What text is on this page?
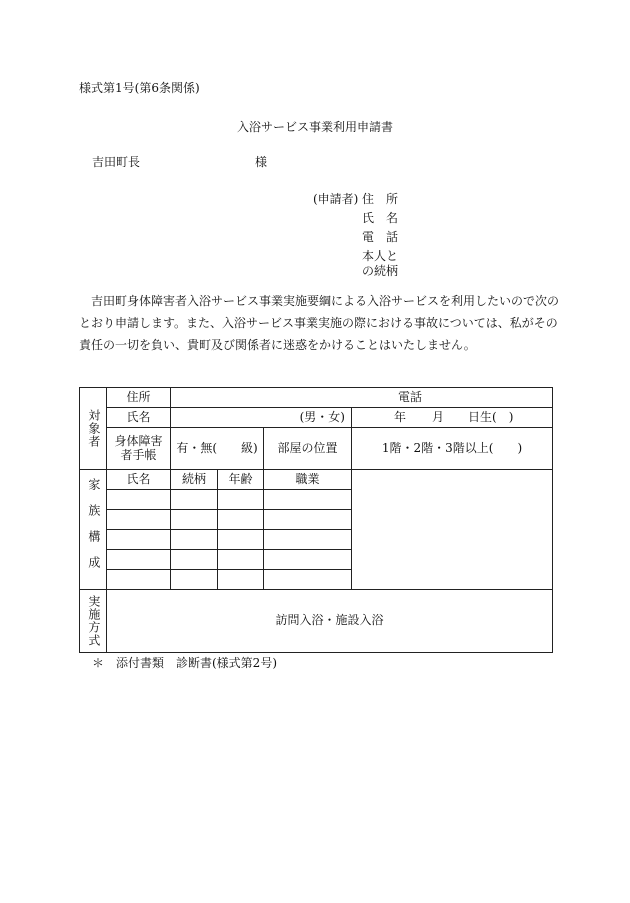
様式第1号(第6条関係)
入浴サービス事業利用申請書
吉田町長	様
(申請者) 住　所
氏　名
電　話
本人と
の続柄
吉田町身体障害者入浴サービス事業実施要綱による入浴サービスを利用したいので次の
とおり申請します。また、入浴サービス事業実施の際における事故については、私がその
責任の一切を負い、貴町及び関係者に迷惑をかけることはいたしません。
対象者	住所	電話			
	氏名	(男・女)			年 月 日生(　)
	身体障害者手帳	有・無(　　級)		部屋の位置	1階・2階・3階以上(　　)

家族構成	氏名	続柄	年齢	職業	

実施方式	訪問入浴・施設入浴				
＊　添付書類　診断書(様式第2号)
